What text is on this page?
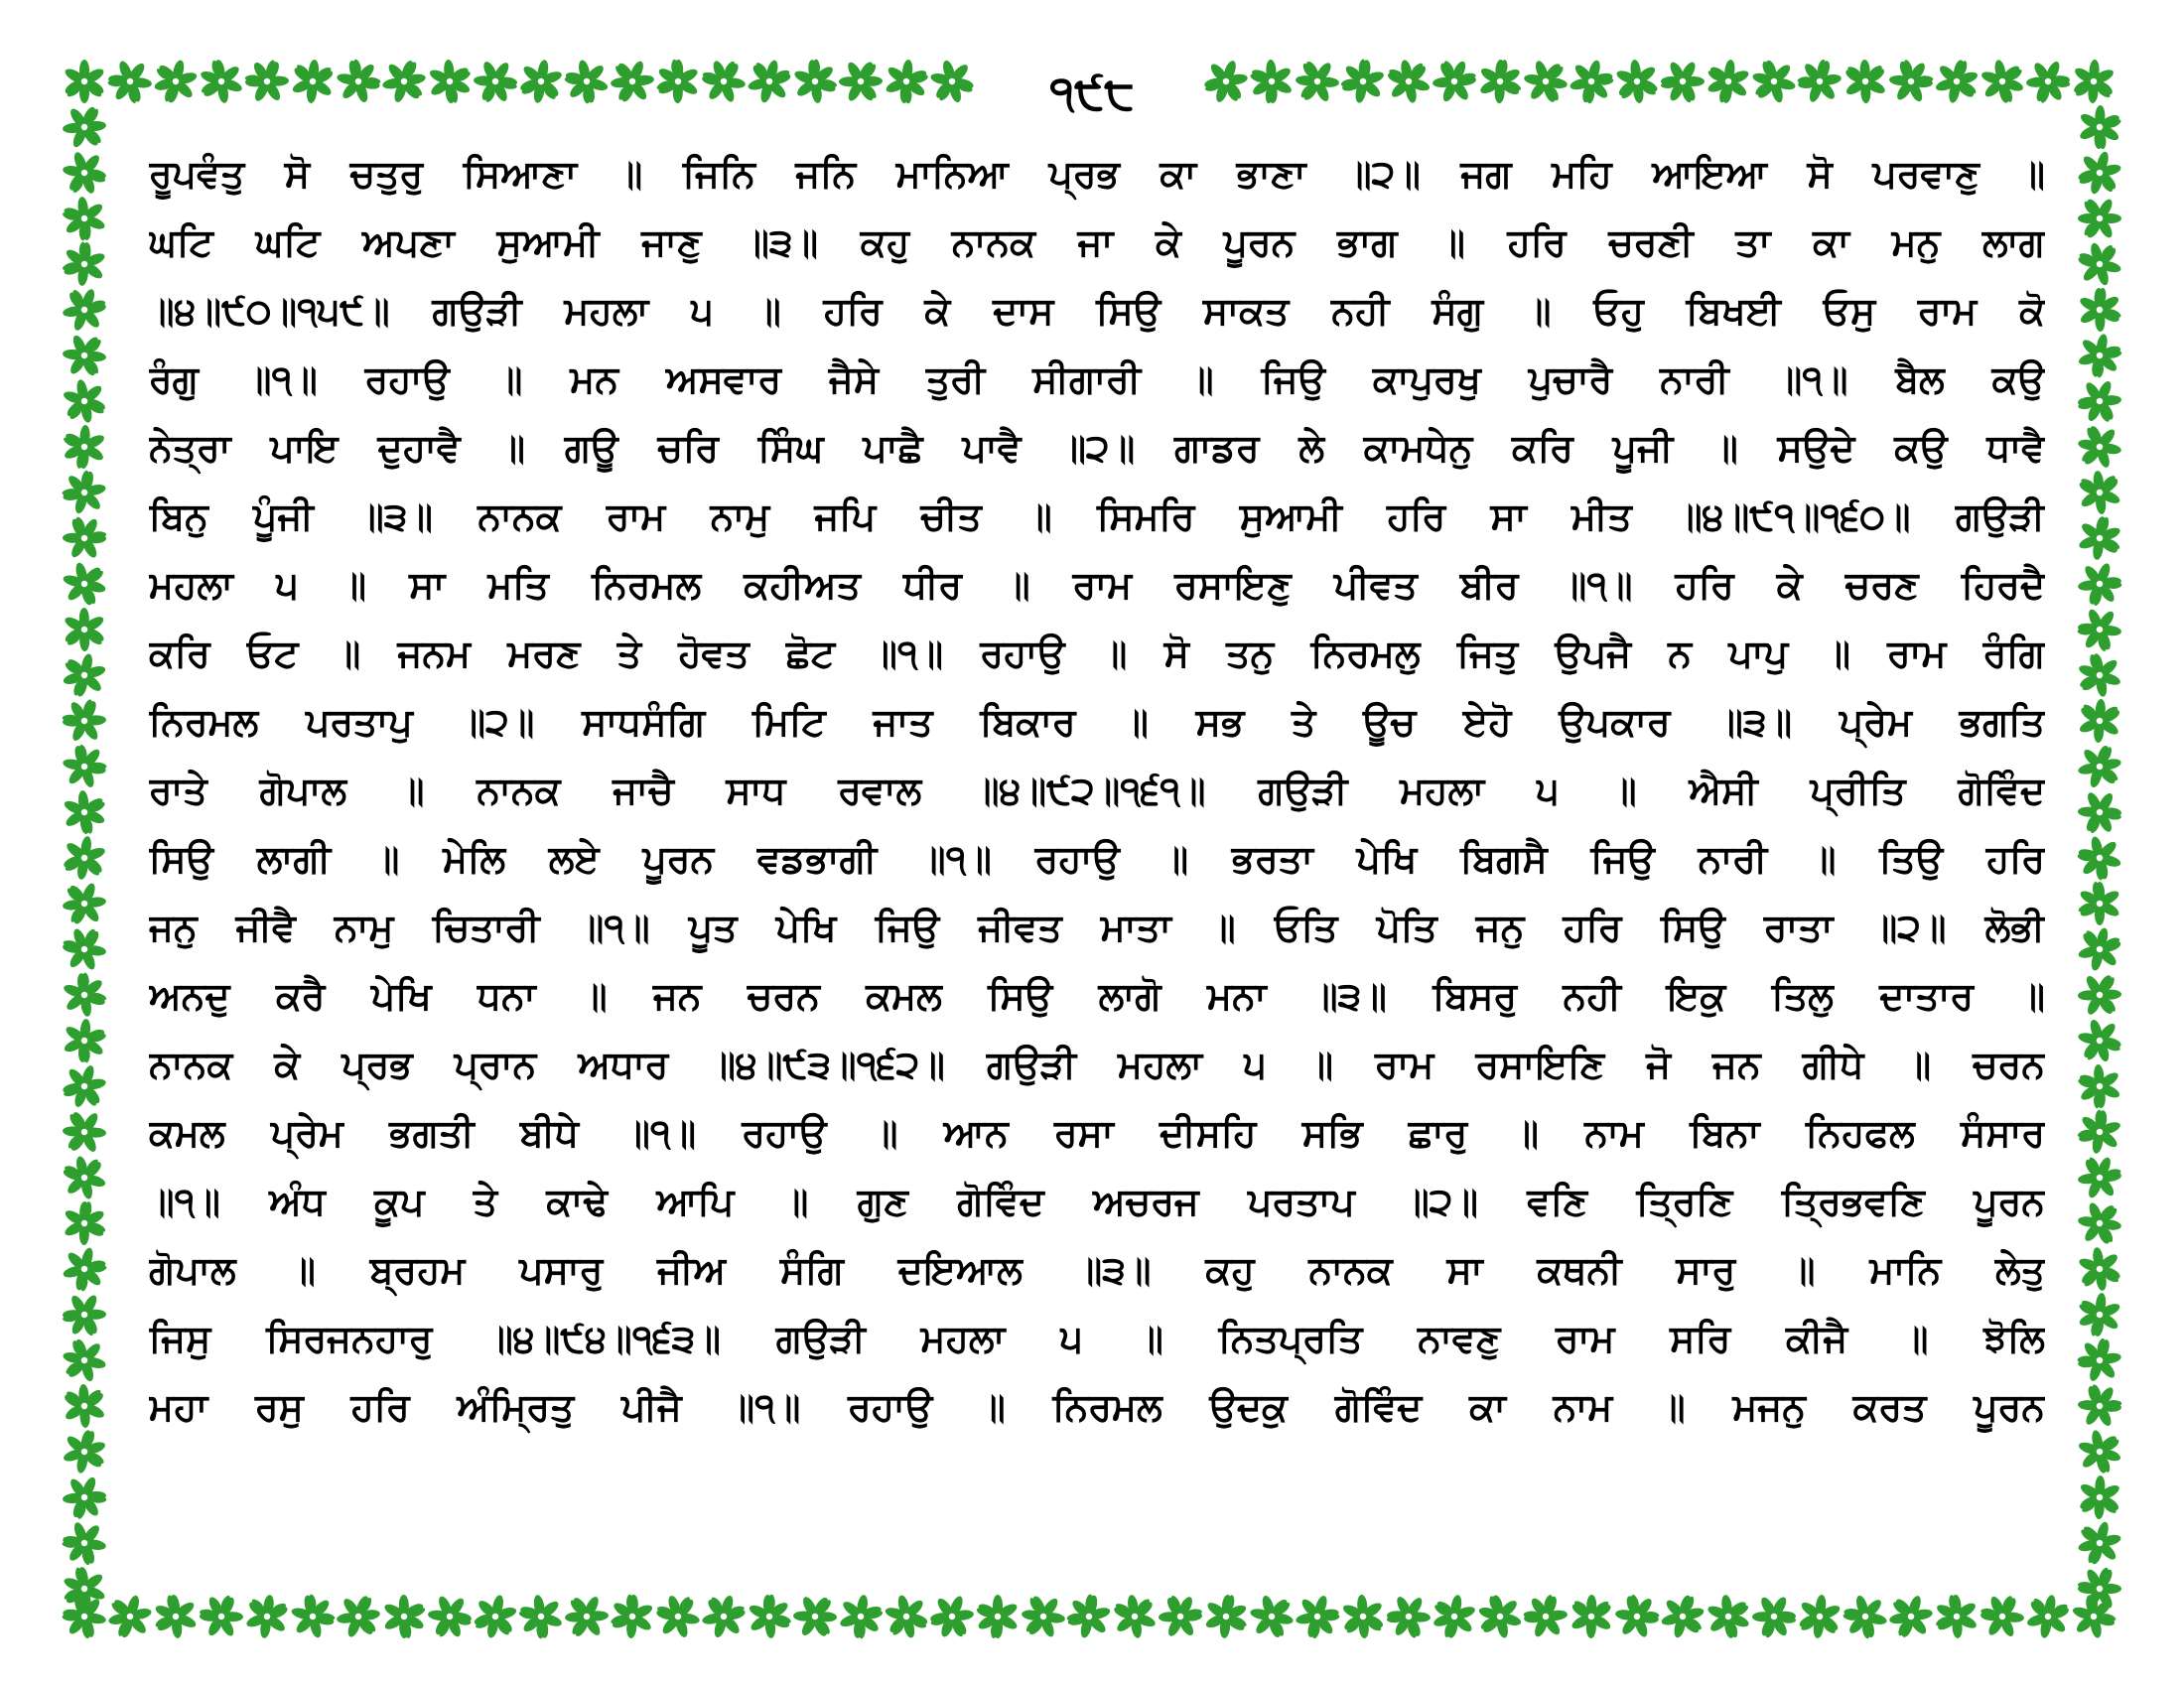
੧੯੮
ਰੂਪਵੰਤੁ ਸੋ ਚਤੁਰੁ ਸਿਆਣਾ ॥ ਜਿਨਿ ਜਨਿ ਮਾਨਿਆ ਪ੍ਰਭ ਕਾ ਭਾਣਾ ॥੨॥ ਜਗ ਮਹਿ ਆਇਆ ਸੋ ਪਰਵਾਣੁ ॥
ਘਟਿ ਘਟਿ ਅਪਣਾ ਸੁਆਮੀ ਜਾਣੁ ॥੩॥ ਕਹੁ ਨਾਨਕ ਜਾ ਕੇ ਪੂਰਨ ਭਾਗ ॥ ਹਰਿ ਚਰਣੀ ਤਾ ਕਾ ਮਨੁ ਲਾਗ
॥੪॥੯੦॥੧੫੯॥ ਗਉੜੀ ਮਹਲਾ ੫ ॥ ਹਰਿ ਕੇ ਦਾਸ ਸਿਉ ਸਾਕਤ ਨਹੀ ਸੰਗੁ ॥ ਓਹੁ ਬਿਖਈ ਓਸੁ ਰਾਮ ਕੋ
ਰੰਗੁ ॥੧॥ ਰਹਾਉ ॥ ਮਨ ਅਸਵਾਰ ਜੈਸੇ ਤੁਰੀ ਸੀਗਾਰੀ ॥ ਜਿਉ ਕਾਪੁਰਖੁ ਪੁਚਾਰੈ ਨਾਰੀ ॥੧॥ ਬੈਲ ਕਉ
ਨੇਤ੍ਰਾ ਪਾਇ ਦੁਹਾਵੈ ॥ ਗਊ ਚਰਿ ਸਿੰਘ ਪਾਛੈ ਪਾਵੈ ॥੨॥ ਗਾਡਰ ਲੇ ਕਾਮਧੇਨੁ ਕਰਿ ਪੂਜੀ ॥ ਸਉਦੇ ਕਉ ਧਾਵੈ
ਬਿਨੁ ਪੂੰਜੀ ॥੩॥ ਨਾਨਕ ਰਾਮ ਨਾਮੁ ਜਪਿ ਚੀਤ ॥ ਸਿਮਰਿ ਸੁਆਮੀ ਹਰਿ ਸਾ ਮੀਤ ॥੪॥੯੧॥੧੬੦॥ ਗਉੜੀ
ਮਹਲਾ ੫ ॥ ਸਾ ਮਤਿ ਨਿਰਮਲ ਕਹੀਅਤ ਧੀਰ ॥ ਰਾਮ ਰਸਾਇਣੁ ਪੀਵਤ ਬੀਰ ॥੧॥ ਹਰਿ ਕੇ ਚਰਣ ਹਿਰਦੈ
ਕਰਿ ਓਟ ॥ ਜਨਮ ਮਰਣ ਤੇ ਹੋਵਤ ਛੋਟ ॥੧॥ ਰਹਾਉ ॥ ਸੋ ਤਨੁ ਨਿਰਮਲੁ ਜਿਤੁ ਉਪਜੈ ਨ ਪਾਪੁ ॥ ਰਾਮ ਰੰਗਿ
ਨਿਰਮਲ ਪਰਤਾਪੁ ॥੨॥ ਸਾਧਸੰਗਿ ਮਿਟਿ ਜਾਤ ਬਿਕਾਰ ॥ ਸਭ ਤੇ ਊਚ ਏਹੋ ਉਪਕਾਰ ॥੩॥ ਪ੍ਰੇਮ ਭਗਤਿ
ਰਾਤੇ ਗੋਪਾਲ ॥ ਨਾਨਕ ਜਾਚੈ ਸਾਧ ਰਵਾਲ ॥੪॥੯੨॥੧੬੧॥ ਗਉੜੀ ਮਹਲਾ ੫ ॥ ਐਸੀ ਪ੍ਰੀਤਿ ਗੋਵਿੰਦ
ਸਿਉ ਲਾਗੀ ॥ ਮੇਲਿ ਲਏ ਪੂਰਨ ਵਡਭਾਗੀ ॥੧॥ ਰਹਾਉ ॥ ਭਰਤਾ ਪੇਖਿ ਬਿਗਸੈ ਜਿਉ ਨਾਰੀ ॥ ਤਿਉ ਹਰਿ
ਜਨੁ ਜੀਵੈ ਨਾਮੁ ਚਿਤਾਰੀ ॥੧॥ ਪੂਤ ਪੇਖਿ ਜਿਉ ਜੀਵਤ ਮਾਤਾ ॥ ਓਤਿ ਪੋਤਿ ਜਨੁ ਹਰਿ ਸਿਉ ਰਾਤਾ ॥੨॥ ਲੋਭੀ
ਅਨਦੁ ਕਰੈ ਪੇਖਿ ਧਨਾ ॥ ਜਨ ਚਰਨ ਕਮਲ ਸਿਉ ਲਾਗੋ ਮਨਾ ॥੩॥ ਬਿਸਰੁ ਨਹੀ ਇਕੁ ਤਿਲੁ ਦਾਤਾਰ ॥
ਨਾਨਕ ਕੇ ਪ੍ਰਭ ਪ੍ਰਾਨ ਅਧਾਰ ॥੪॥੯੩॥੧੬੨॥ ਗਉੜੀ ਮਹਲਾ ੫ ॥ ਰਾਮ ਰਸਾਇਣਿ ਜੋ ਜਨ ਗੀਧੇ ॥ ਚਰਨ
ਕਮਲ ਪ੍ਰੇਮ ਭਗਤੀ ਬੀਧੇ ॥੧॥ ਰਹਾਉ ॥ ਆਨ ਰਸਾ ਦੀਸਹਿ ਸਭਿ ਛਾਰੁ ॥ ਨਾਮ ਬਿਨਾ ਨਿਹਫਲ ਸੰਸਾਰ
॥੧॥ ਅੰਧ ਕੂਪ ਤੇ ਕਾਢੇ ਆਪਿ ॥ ਗੁਣ ਗੋਵਿੰਦ ਅਚਰਜ ਪਰਤਾਪ ॥੨॥ ਵਣਿ ਤ੍ਰਿਣਿ ਤ੍ਰਿਭਵਣਿ ਪੂਰਨ
ਗੋਪਾਲ ॥ ਬ੍ਰਹਮ ਪਸਾਰੁ ਜੀਅ ਸੰਗਿ ਦਇਆਲ ॥੩॥ ਕਹੁ ਨਾਨਕ ਸਾ ਕਥਨੀ ਸਾਰੁ ॥ ਮਾਨਿ ਲੇਤੁ
ਜਿਸੁ ਸਿਰਜਨਹਾਰੁ ॥੪॥੯੪॥੧੬੩॥ ਗਉੜੀ ਮਹਲਾ ੫ ॥ ਨਿਤਪ੍ਰਤਿ ਨਾਵਣੁ ਰਾਮ ਸਰਿ ਕੀਜੈ ॥ ਝੋਲਿ
ਮਹਾ ਰਸੁ ਹਰਿ ਅੰਮ੍ਰਿਤੁ ਪੀਜੈ ॥੧॥ ਰਹਾਉ ॥ ਨਿਰਮਲ ਉਦਕੁ ਗੋਵਿੰਦ ਕਾ ਨਾਮ ॥ ਮਜਨੁ ਕਰਤ ਪੂਰਨ
